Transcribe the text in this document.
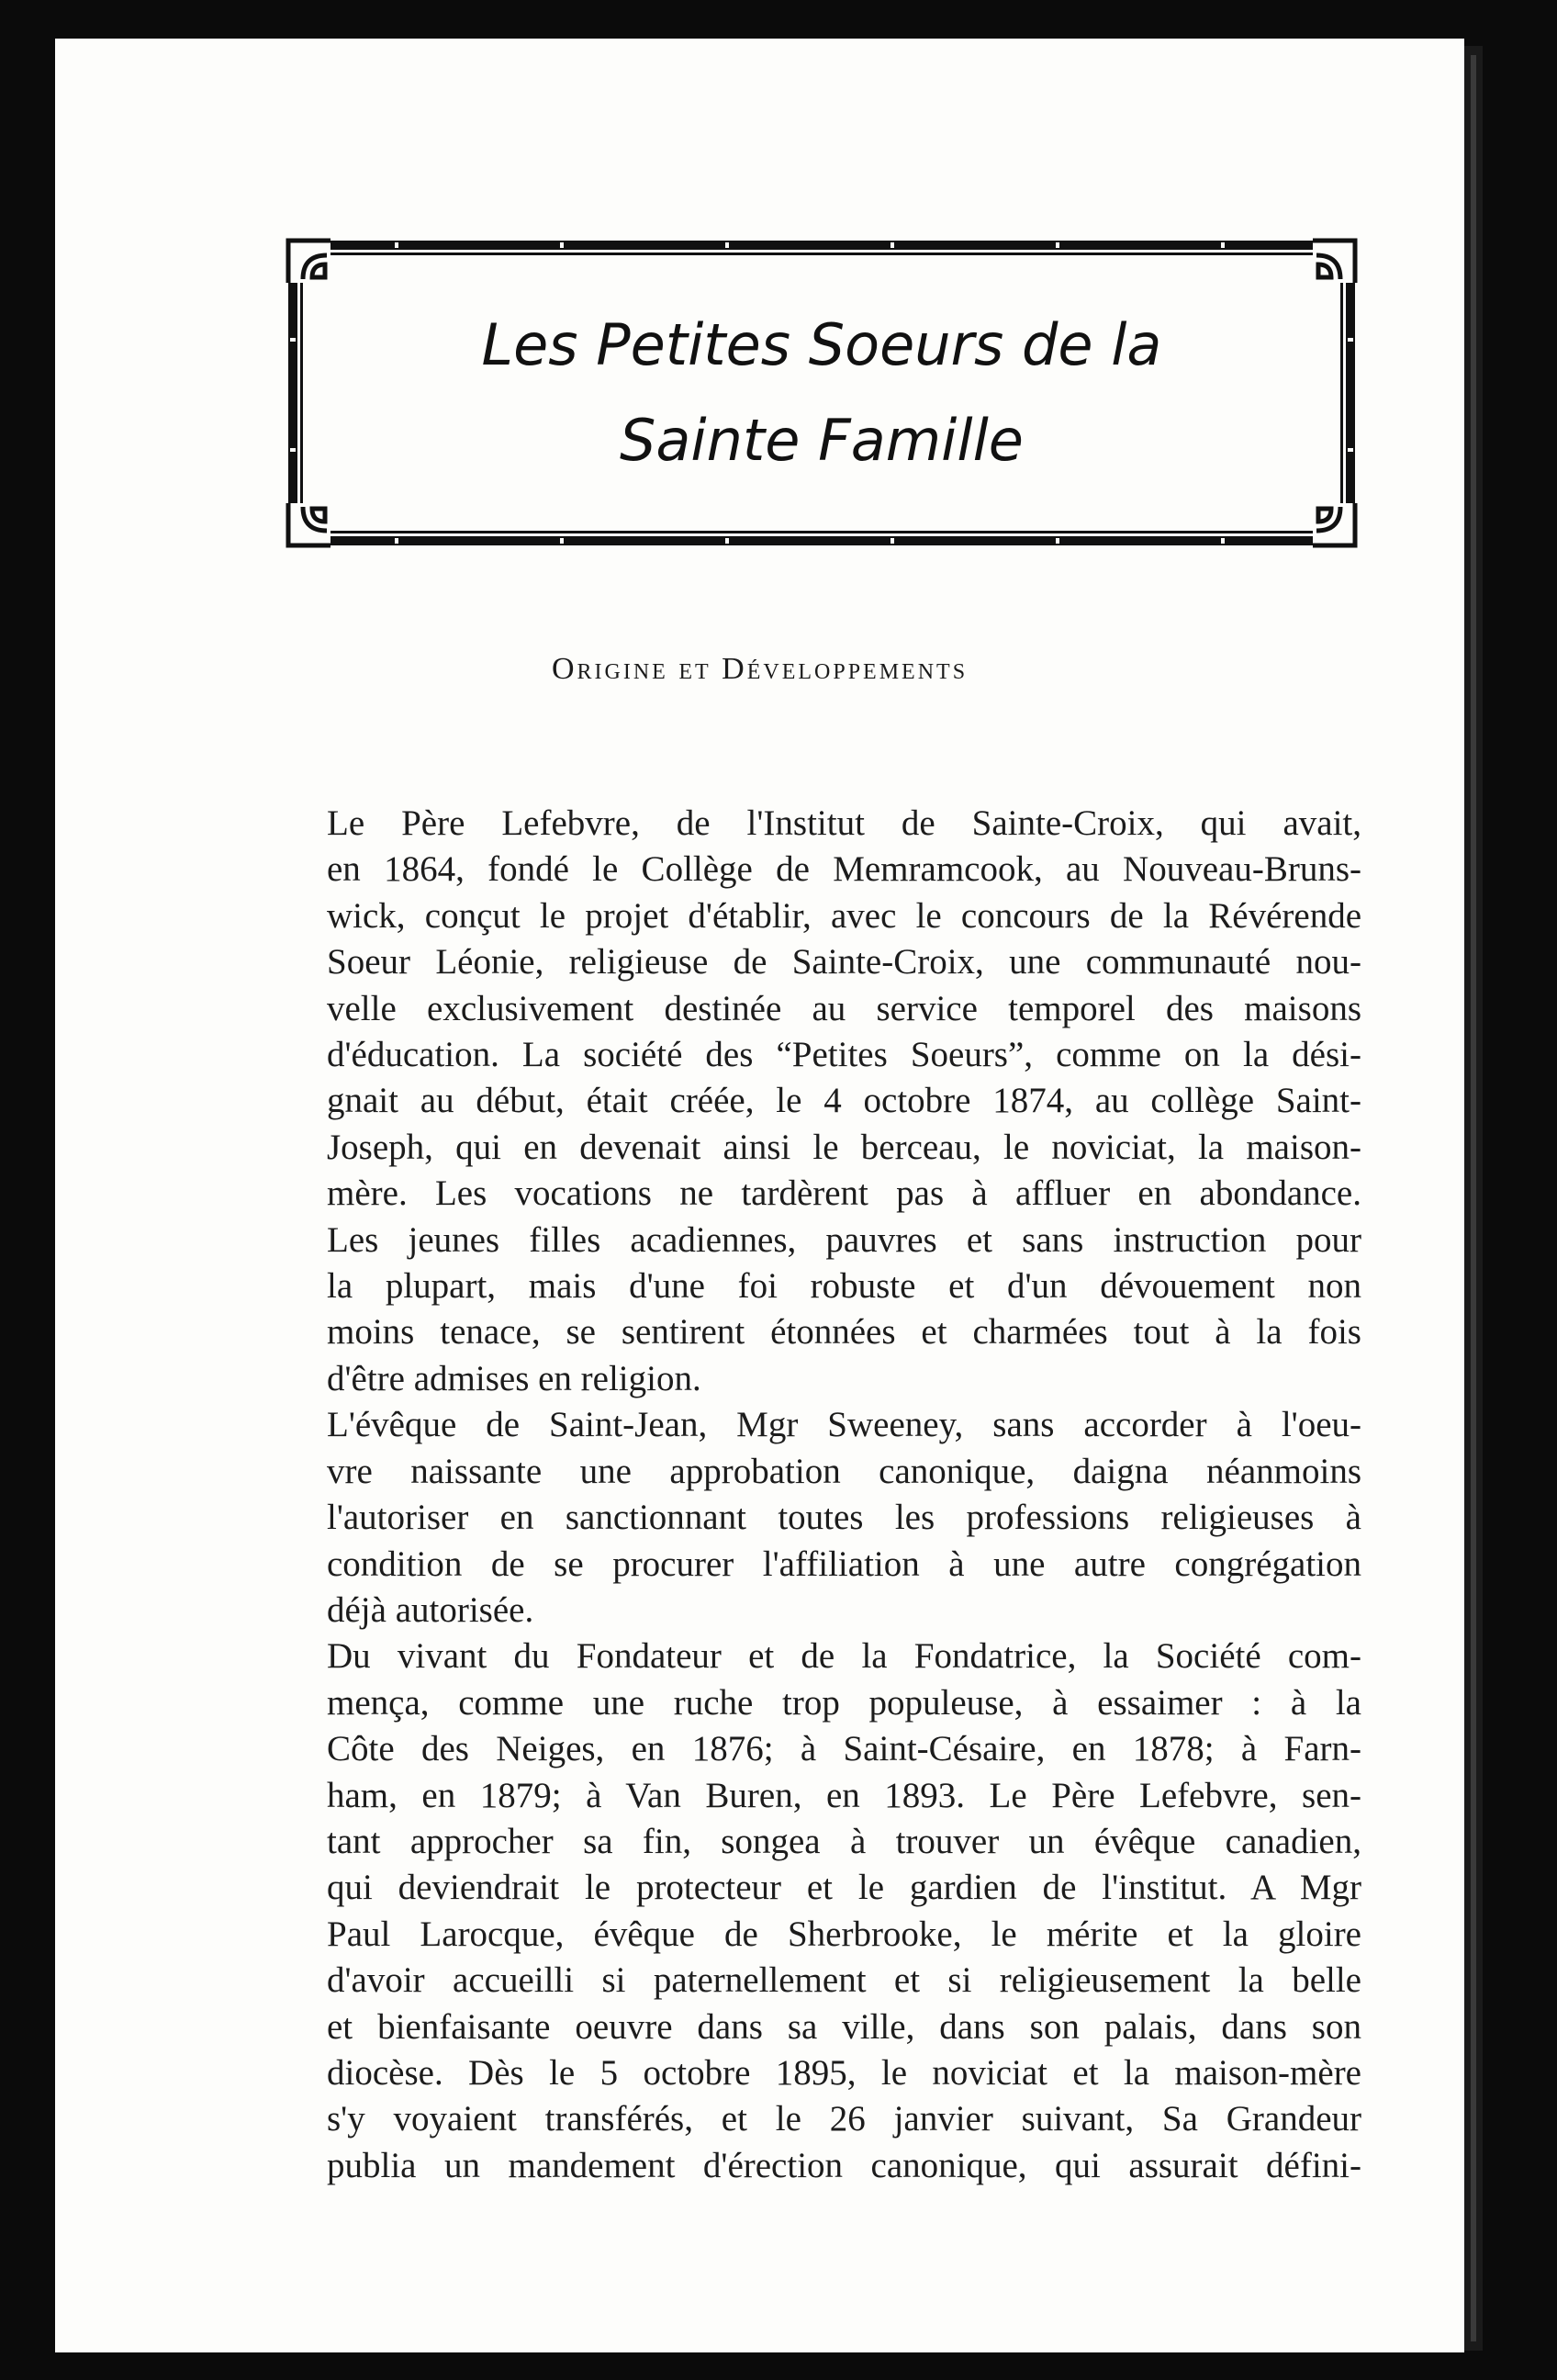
Les Petites Soeurs de la
Sainte Famille
Origine et Développements

Le Père Lefebvre, de l'Institut de Sainte-Croix, qui avait,
en 1864, fondé le Collège de Memramcook, au Nouveau-Bruns-
wick, conçut le projet d'établir, avec le concours de la Révérende
Soeur Léonie, religieuse de Sainte-Croix, une communauté nou-
velle exclusivement destinée au service temporel des maisons
d'éducation. La société des “Petites Soeurs”, comme on la dési-
gnait au début, était créée, le 4 octobre 1874, au collège Saint-
Joseph, qui en devenait ainsi le berceau, le noviciat, la maison-
mère. Les vocations ne tardèrent pas à affluer en abondance.
Les jeunes filles acadiennes, pauvres et sans instruction pour
la plupart, mais d'une foi robuste et d'un dévouement non
moins tenace, se sentirent étonnées et charmées tout à la fois
d'être admises en religion.

L'évêque de Saint-Jean, Mgr Sweeney, sans accorder à l'oeu-
vre naissante une approbation canonique, daigna néanmoins
l'autoriser en sanctionnant toutes les professions religieuses à
condition de se procurer l'affiliation à une autre congrégation
déjà autorisée.

Du vivant du Fondateur et de la Fondatrice, la Société com-
mença, comme une ruche trop populeuse, à essaimer : à la
Côte des Neiges, en 1876; à Saint-Césaire, en 1878; à Farn-
ham, en 1879; à Van Buren, en 1893. Le Père Lefebvre, sen-
tant approcher sa fin, songea à trouver un évêque canadien,
qui deviendrait le protecteur et le gardien de l'institut. A Mgr
Paul Larocque, évêque de Sherbrooke, le mérite et la gloire
d'avoir accueilli si paternellement et si religieusement la belle
et bienfaisante oeuvre dans sa ville, dans son palais, dans son
diocèse. Dès le 5 octobre 1895, le noviciat et la maison-mère
s'y voyaient transférés, et le 26 janvier suivant, Sa Grandeur
publia un mandement d'érection canonique, qui assurait défini-
